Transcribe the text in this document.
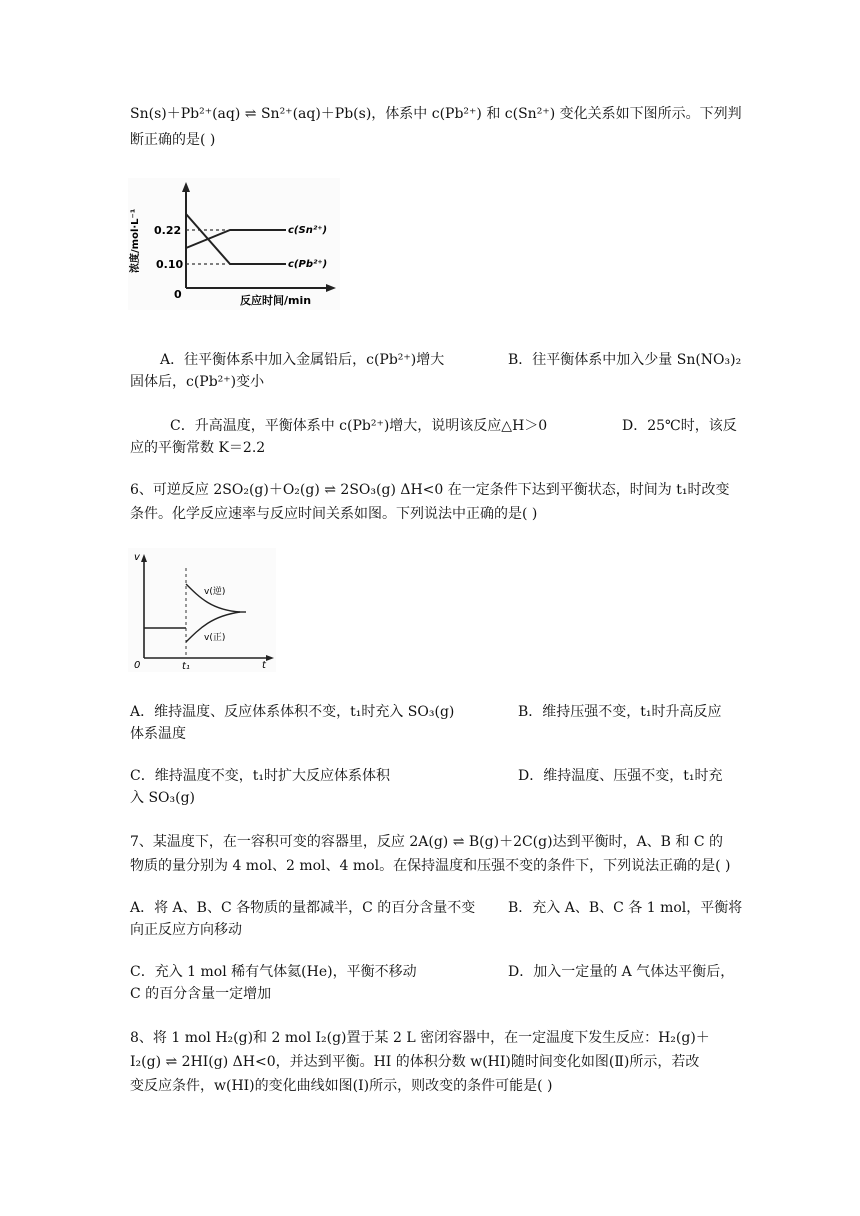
Sn(s)＋Pb²⁺(aq) ⇌ Sn²⁺(aq)＋Pb(s)，体系中 c(Pb²⁺) 和 c(Sn²⁺) 变化关系如下图所示。下列判
断正确的是( )
浓度/mol·L⁻¹ 0.22
0.10
0
c(Sn²⁺)
c(Pb²⁺)
反应时间/min
A．往平衡体系中加入金属铅后，c(Pb²⁺)增大	B．往平衡体系中加入少量 Sn(NO₃)₂
固体后，c(Pb²⁺)变小
C．升高温度，平衡体系中 c(Pb²⁺)增大，说明该反应△H＞0	D．25℃时，该反
应的平衡常数 K＝2.2
6、可逆反应 2SO₂(g)＋O₂(g) ⇌ 2SO₃(g) ΔH<0 在一定条件下达到平衡状态，时间为 t₁时改变
条件。化学反应速率与反应时间关系如图。下列说法中正确的是( )
v
0	t₁	t
v(逆)
v(正)
A．维持温度、反应体系体积不变，t₁时充入 SO₃(g)	B．维持压强不变，t₁时升高反应
体系温度
C．维持温度不变，t₁时扩大反应体系体积	D．维持温度、压强不变，t₁时充
入 SO₃(g)
7、某温度下，在一容积可变的容器里，反应 2A(g) ⇌ B(g)＋2C(g)达到平衡时，A、B 和 C 的
物质的量分别为 4 mol、2 mol、4 mol。在保持温度和压强不变的条件下，下列说法正确的是( )
A．将 A、B、C 各物质的量都减半，C 的百分含量不变 B．充入 A、B、C 各 1 mol，平衡将
向正反应方向移动
C．充入 1 mol 稀有气体氦(He)，平衡不移动	D．加入一定量的 A 气体达平衡后，
C 的百分含量一定增加
8、将 1 mol H₂(g)和 2 mol I₂(g)置于某 2 L 密闭容器中，在一定温度下发生反应：H₂(g)＋
I₂(g) ⇌ 2HI(g) ΔH<0，并达到平衡。HI 的体积分数 w(HI)随时间变化如图(Ⅱ)所示，若改
变反应条件，w(HI)的变化曲线如图(Ⅰ)所示，则改变的条件可能是( )
